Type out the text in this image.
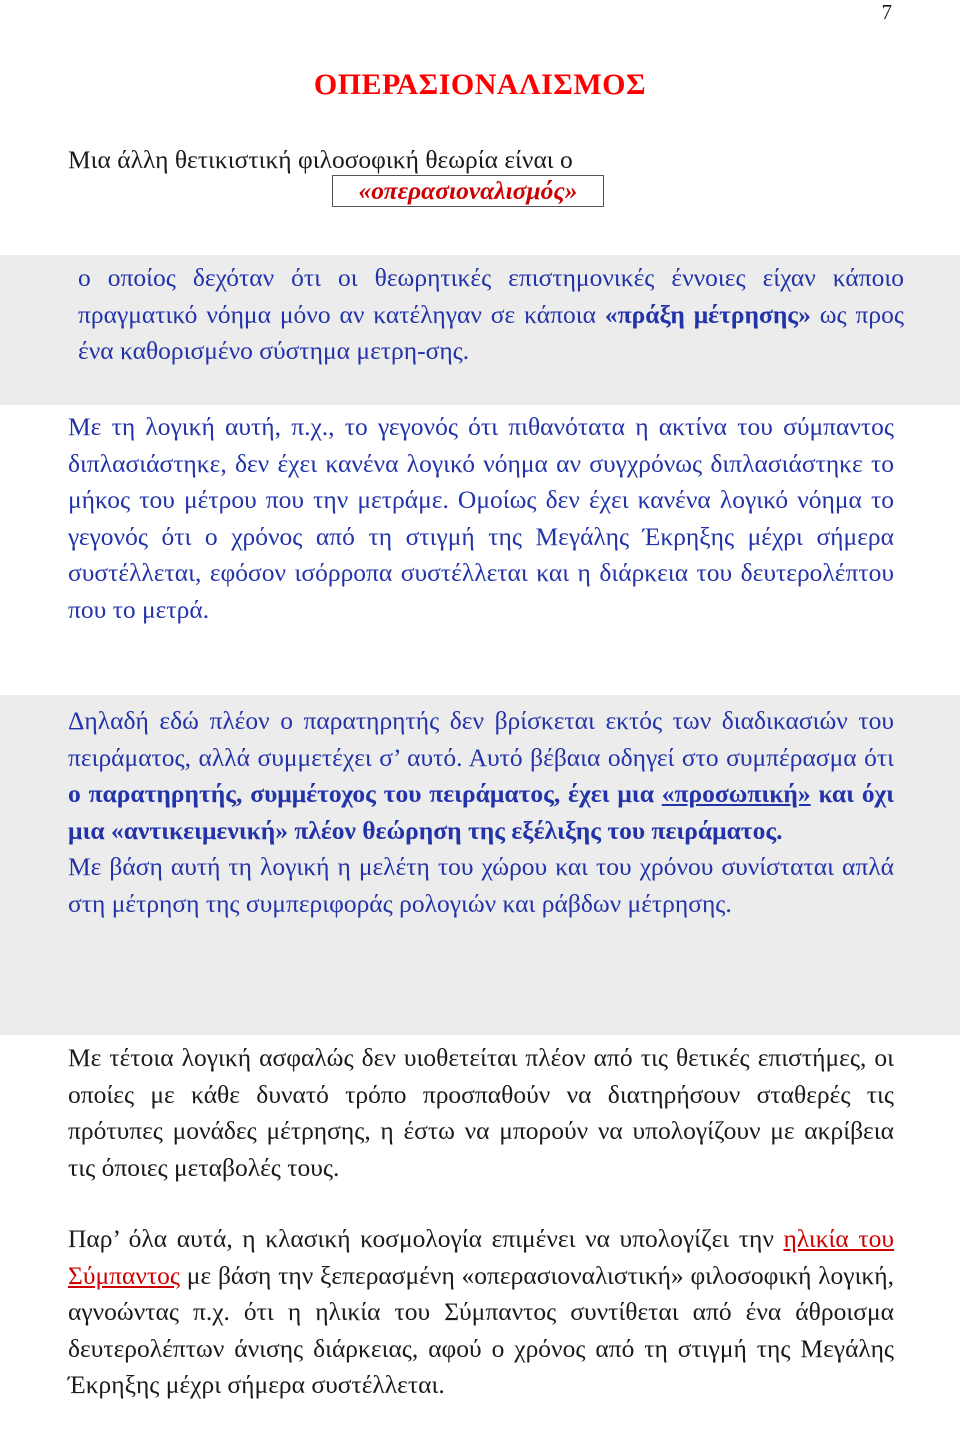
7
ΟΠΕΡΑΣΙΟΝΑΛΙΣΜΟΣ
Μια άλλη θετικιστική φιλοσοφική θεωρία είναι ο
«οπερασιοναλισμός»

ο οποίος δεχόταν ότι οι θεωρητικές επιστημονικές έννοιες είχαν κάποιο πραγματικό νόημα μόνο αν κατέληγαν σε κάποια «πράξη μέτρησης» ως προς ένα καθορισμένο σύστημα μετρη-σης.

Με τη λογική αυτή, π.χ., το γεγονός ότι πιθανότατα η ακτίνα του σύμπαντος διπλασιάστηκε, δεν έχει κανένα λογικό νόημα αν συγχρόνως διπλασιάστηκε το μήκος του μέτρου που την μετράμε. Ομοίως δεν έχει κανένα λογικό νόημα το γεγονός ότι ο χρόνος από τη στιγμή της Μεγάλης Έκρηξης μέχρι σήμερα συστέλλεται, εφόσον ισόρροπα συστέλλεται και η διάρκεια του δευτερολέπτου που το μετρά.

Δηλαδή εδώ πλέον ο παρατηρητής δεν βρίσκεται εκτός των διαδικασιών του πειράματος, αλλά συμμετέχει σ’ αυτό. Αυτό βέβαια οδηγεί στο συμπέρασμα ότι ο παρατηρητής, συμμέτοχος του πειράματος, έχει μια «προσωπική» και όχι μια «αντικειμενική» πλέον θεώρηση της εξέλιξης του πειράματος.
Με βάση αυτή τη λογική η μελέτη του χώρου και του χρόνου συνίσταται απλά στη μέτρηση της συμπεριφοράς ρολογιών και ράβδων μέτρησης.

Με τέτοια λογική ασφαλώς δεν υιοθετείται πλέον από τις θετικές επιστήμες, οι οποίες με κάθε δυνατό τρόπο προσπαθούν να διατηρήσουν σταθερές τις πρότυπες μονάδες μέτρησης, η έστω να μπορούν να υπολογίζουν με ακρίβεια τις όποιες μεταβολές τους.

Παρ’ όλα αυτά, η κλασική κοσμολογία επιμένει να υπολογίζει την ηλικία του Σύμπαντος με βάση την ξεπερασμένη «οπερασιοναλιστική» φιλοσοφική λογική, αγνοώντας π.χ. ότι η ηλικία του Σύμπαντος συντίθεται από ένα άθροισμα δευτερολέπτων άνισης διάρκειας, αφού ο χρόνος από τη στιγμή της Μεγάλης Έκρηξης μέχρι σήμερα συστέλλεται.
